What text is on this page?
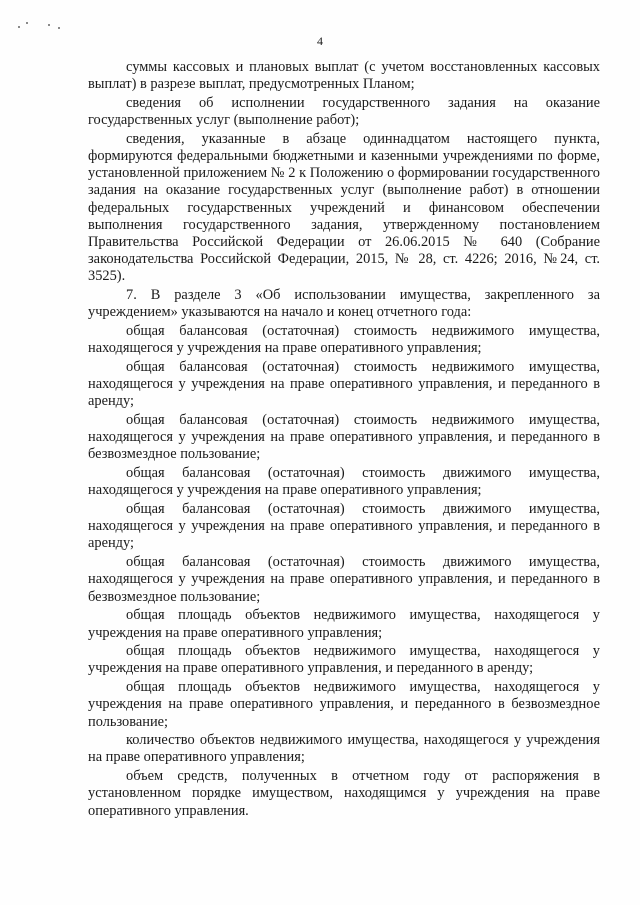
4

суммы кассовых и плановых выплат (с учетом восстановленных кассовых выплат) в разрезе выплат, предусмотренных Планом;

сведения об исполнении государственного задания на оказание государственных услуг (выполнение работ);

сведения, указанные в абзаце одиннадцатом настоящего пункта, формируются федеральными бюджетными и казенными учреждениями по форме, установленной приложением № 2 к Положению о формировании государственного задания на оказание государственных услуг (выполнение работ) в отношении федеральных государственных учреждений и финансовом обеспечении выполнения государственного задания, утвержденному постановлением Правительства Российской Федерации от 26.06.2015 № 640 (Собрание законодательства Российской Федерации, 2015, № 28, ст. 4226; 2016, №24, ст. 3525).

7. В разделе 3 «Об использовании имущества, закрепленного за учреждением» указываются на начало и конец отчетного года:

общая балансовая (остаточная) стоимость недвижимого имущества, находящегося у учреждения на праве оперативного управления;

общая балансовая (остаточная) стоимость недвижимого имущества, находящегося у учреждения на праве оперативного управления, и переданного в аренду;

общая балансовая (остаточная) стоимость недвижимого имущества, находящегося у учреждения на праве оперативного управления, и переданного в безвозмездное пользование;

общая балансовая (остаточная) стоимость движимого имущества, находящегося у учреждения на праве оперативного управления;

общая балансовая (остаточная) стоимость движимого имущества, находящегося у учреждения на праве оперативного управления, и переданного в аренду;

общая балансовая (остаточная) стоимость движимого имущества, находящегося у учреждения на праве оперативного управления, и переданного в безвозмездное пользование;

общая площадь объектов недвижимого имущества, находящегося у учреждения на праве оперативного управления;

общая площадь объектов недвижимого имущества, находящегося у учреждения на праве оперативного управления, и переданного в аренду;

общая площадь объектов недвижимого имущества, находящегося у учреждения на праве оперативного управления, и переданного в безвозмездное пользование;

количество объектов недвижимого имущества, находящегося у учреждения на праве оперативного управления;

объем средств, полученных в отчетном году от распоряжения в установленном порядке имуществом, находящимся у учреждения на праве оперативного управления.
